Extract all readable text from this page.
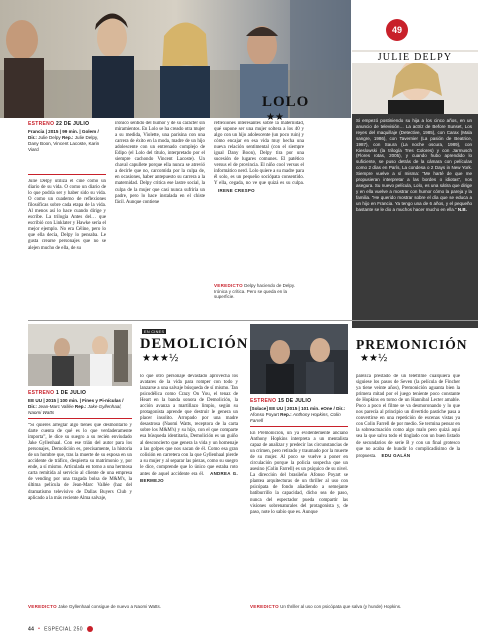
49
LOLO
★★
JULIE DELPY
Si empezó postiniendo su hija a los cinco años, en un anuncio de televisión… La actriz de Before Sunset, Los reyes del maquillaje (Detective, 1985), con Carax (Mala sangre, 1986), con Tavernier (La pasión de Beatrice, 1987), con Saura (La noche oscura, 1989), con Kieslowski (la trilogía Tres Colores) y con Jarmusch (Flores rotas, 2005), y cuando hubo aprendido lo suficiente, se puso detrás de la cámara con películas como 2 días en París, La condesa o 2 Days in New York. Siempre vuelve a sí misma: “Me harté de que me propusieran interpretar a las bordes o idiotas”, nos asegura. Su nuevo película, Lolo, es una sátira que dirige y en ella vuelve a mostrar con humor cómo la pareja y la familia. “He querido mostrar sobre el día que se educa a un hijo en Francia. Ya tengo una de 6 años, y el pequeño bastante se le dio a muchos hacer mucho en ella.” N.B.
ESTRENO 22 DE JULIO
Francia | 2015 | 99 min. | Golem / Dir.: Julie Delpy Rep.: Julie Delpy, Dany Boon, Vincent Lacoste, Karin Viard
Julie Delpy utiliza el cine como un diario de su vida. O como un diario de lo que podría ser y haber sido su vida. O como un cuaderno de reflexiones filosóficas sobre cada etapa de la vida. Al menos así lo hace cuando dirige y escribe. La trilogía Antes del… que escribió con Linklater y Hawke sería el mejor ejemplo. No era Céline, pero lo que ella decía, Delpy lo pensaba. Le gusta crearse personajes que no se alejen mucho de ella, de su
irónico sentido del humor y de su carácter sin miramientos. En Lolo se ha creado otra mujer a su medida, Violette, una parisina con una carrera de éxito en la moda, madre de un hijo adolescente con un entrenado complejo de Edipo (el Lolo del título, interpretado por el siempre cachondo Vincent Lacoste). Un chaval capullete porque ella nunca se atrevió a decirle que no, carcomida por la culpa de, en ocasiones, haber antepuesto su carrera a la maternidad. Delpy critica ese lastre social, la culpa de la mujer que casi nunca sufriría un padre, pero lo hace instalada en el chiste fácil. Aunque contiene
reflexiones interesantes sobre la maternidad, qué supone ser una mujer soltera a los 40 y algo con un hijo adolescente (un poco ruin) y cómo encajar en esa vida muy hecha una nueva relación sentimental (con el siempre igual Dany Boon), Delpy tira por una sucesión de lugares comunes. El patético versus el de provincia. El niño cool versus el informático nerd. Lolo quiere a su madre para él solo, es un pequeño sociópata consentido. Y ella, cegada, no ve que quizá es su culpa. IRENE CRESPO
VEREDICTO Delpy haciendo de Delpy. Irónica y crítica. Pero se queda en la superficie.
EN CINES
DEMOLICIÓN
★★★½
ESTRENO 1 DE JULIO
EE UU | 2015 | 100 min. | Fines y Pi-nículas / Dir.: Jean-Marc Vallée Rep.: Jake Gyllenhaal, Naomi Watts
“Si quieres arreglar algo tienes que desmontarlo y darte cuenta de qué es lo que verdaderamente importa”, le dice su suegro a su recién enviudado Jake Gyllenhaal. Con ese trián del autor para los personajes, Demolición es, precisamente, la historia de un hombre que, tras la muerte de su esposa en un accidente de tráfico, despierta su matrimonio y, por ende, a sí mismo. Articulada en torno a una hermosa carta remitida al servicio al cliente de una empresa de vending por una tragada bolsa de M&M's, la última película de Jean-Marc Vallée (haz del dramatismo televisivo de Dallas Buyers Club y aplicado a la más reciente Alma salvaje,
lo que otro personaje devastado aprovecha los avatares de la vida para romper con todo y lanzarse a una salvaje búsqueda de sí mismo. Tan psicodélica como Crazy On You, el tenaz de Heart en la banda sonora de Demolición, la acción avanza a martillazo limpio, según su protagonista aprende que destruir le genera un placer insolito. Arropado por una madre desastrosa (Naomi Watts, receptora de la carta sobre los M&M's) y su hijo, con el que comparte esa búsqueda identitaria, Demolición es un guiño al desconcierto que genera la vida y un homenaje a las golpes que nos sacan de él. Como esa gran colisión en carretera con la que Gyllenhaal pierde a su mujer y al separar las piezas, como su suegro le dice, comprende que lo único que estaba roto antes de aquel accidente era él. ANDREA G. BERMEJO
VEREDICTO Jake Gyllenhaal consigue de nuevo a Naomi Watts.
PREMONICIÓN
★★½
ESTRENO 15 DE JULIO
[Solace] EE UU | 2015 | 101 min. eOne / Dir.: Afonso Poyart Rep.: Anthony Hopkins, Colin Farrell
En Premonición, un ya evidentemente anciano Anthony Hopkins interpreta a un mentalista capaz de analizar y predecir las circunstancias de un crimen, pero retirado y traumado por la muerte de su mujer. Al poco se vuelve a poner en circulación porque la policía sospecha que un asesino (Colin Farrell) es un psíquico de su nivel. La dirección del brasileño Afonso Poyart se plantea arquitecturas de un thriller al uso con psicópata de fondo añadiendo a semejante batiburrillo la capacidad, dicho sea de paso, nunca del espectador pueda compartir las visiones sobrenaturales del protagonista y, de paso, note lo sabio que es. Aunque
parezca prestado de un telefilme cualquiera que siguiese los pasos de Seven (la película de Fincher ya tiene veinte años), Premonición aguanta bien la primera mitad por el juego teniente poco constante de Hopkins en torno de un Hannibal Lecter amable. Poco a poco el filme se va desmoronando y lo que nos parecía al principio un divertido pastiche pasa a convertirse en una repetición de escenas vistas ya con Colin Farrell de por medio. Se termina pensar en la sobreactuación como algo malo pero quizá aquí sea la que salva todo el tinglado con un buen listado de secundarios de serie B y con un final grotesco que no acaba de hundir lo complicadísimo de la propuesta. EDU GALÁN
VEREDICTO Un thriller al uso con psicópata que salva (y hunde) Hopkins.
44 • ESPECIAL 250
